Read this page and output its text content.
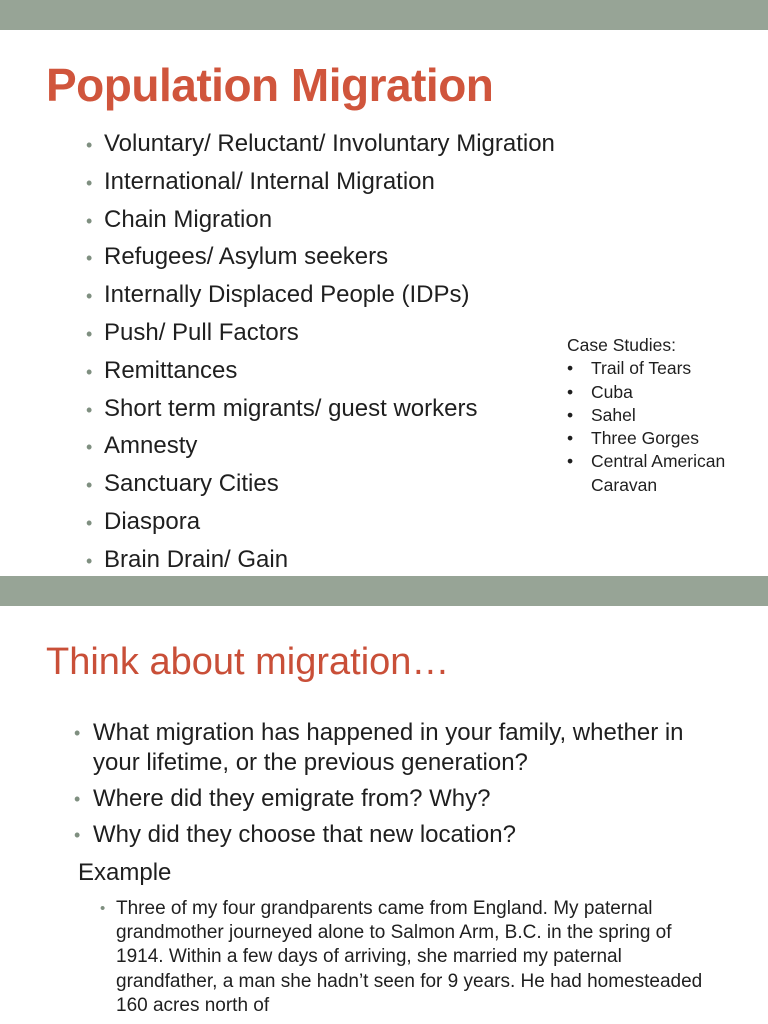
Population Migration
• Voluntary/ Reluctant/ Involuntary Migration
• International/ Internal Migration
• Chain Migration
• Refugees/ Asylum seekers
• Internally Displaced People (IDPs)
• Push/ Pull Factors
• Remittances
• Short term migrants/ guest workers
• Amnesty
• Sanctuary Cities
• Diaspora
• Brain Drain/ Gain

Case Studies:

• Trail of Tears
• Cuba
• Sahel
• Three Gorges
• Central American Caravan
Think about migration…
• What migration has happened in your family, whether in your lifetime, or the previous generation?
• Where did they emigrate from? Why?
• Why did they choose that new location?

Example

• Three of my four grandparents came from England. My paternal grandmother journeyed alone to Salmon Arm, B.C. in the spring of 1914. Within a few days of arriving, she married my paternal grandfather, a man she hadn’t seen for 9 years. He had homesteaded 160 acres north of
